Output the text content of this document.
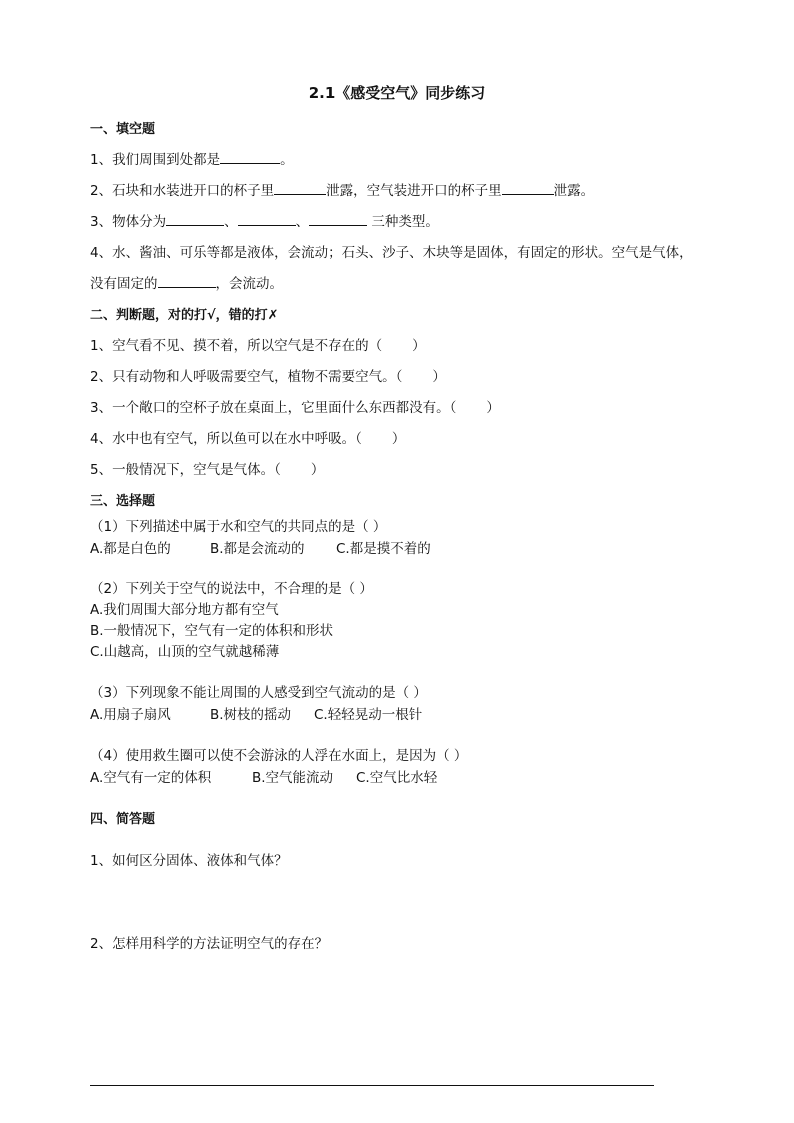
2.1《感受空气》同步练习
一、填空题
1、我们周围到处都是	。
2、石块和水装进开口的杯子里	泄露，空气装进开口的杯子里	泄露。
3、物体分为	、	、	三种类型。
4、水、酱油、可乐等都是液体，会流动；石头、沙子、木块等是固体，有固定的形状。空气是气体，
没有固定的	，会流动。
二、判断题，对的打√，错的打✗
1、空气看不见、摸不着，所以空气是不存在的（ ）
2、只有动物和人呼吸需要空气，植物不需要空气。（ ）
3、一个敞口的空杯子放在桌面上，它里面什么东西都没有。（ ）
4、水中也有空气，所以鱼可以在水中呼吸。（ ）
5、一般情况下，空气是气体。（ ）
三、选择题
（1）下列描述中属于水和空气的共同点的是（ ）
A.都是白色的	B.都是会流动的 C.都是摸不着的
（2）下列关于空气的说法中，不合理的是（ ）
A.我们周围大部分地方都有空气
B.一般情况下，空气有一定的体积和形状
C.山越高，山顶的空气就越稀薄
（3）下列现象不能让周围的人感受到空气流动的是（ ）
A.用扇子扇风	B.树枝的摇动 C.轻轻晃动一根针
（4）使用救生圈可以使不会游泳的人浮在水面上，是因为（ ）
A.空气有一定的体积	B.空气能流动 C.空气比水轻
四、简答题
1、如何区分固体、液体和气体？
2、怎样用科学的方法证明空气的存在？
